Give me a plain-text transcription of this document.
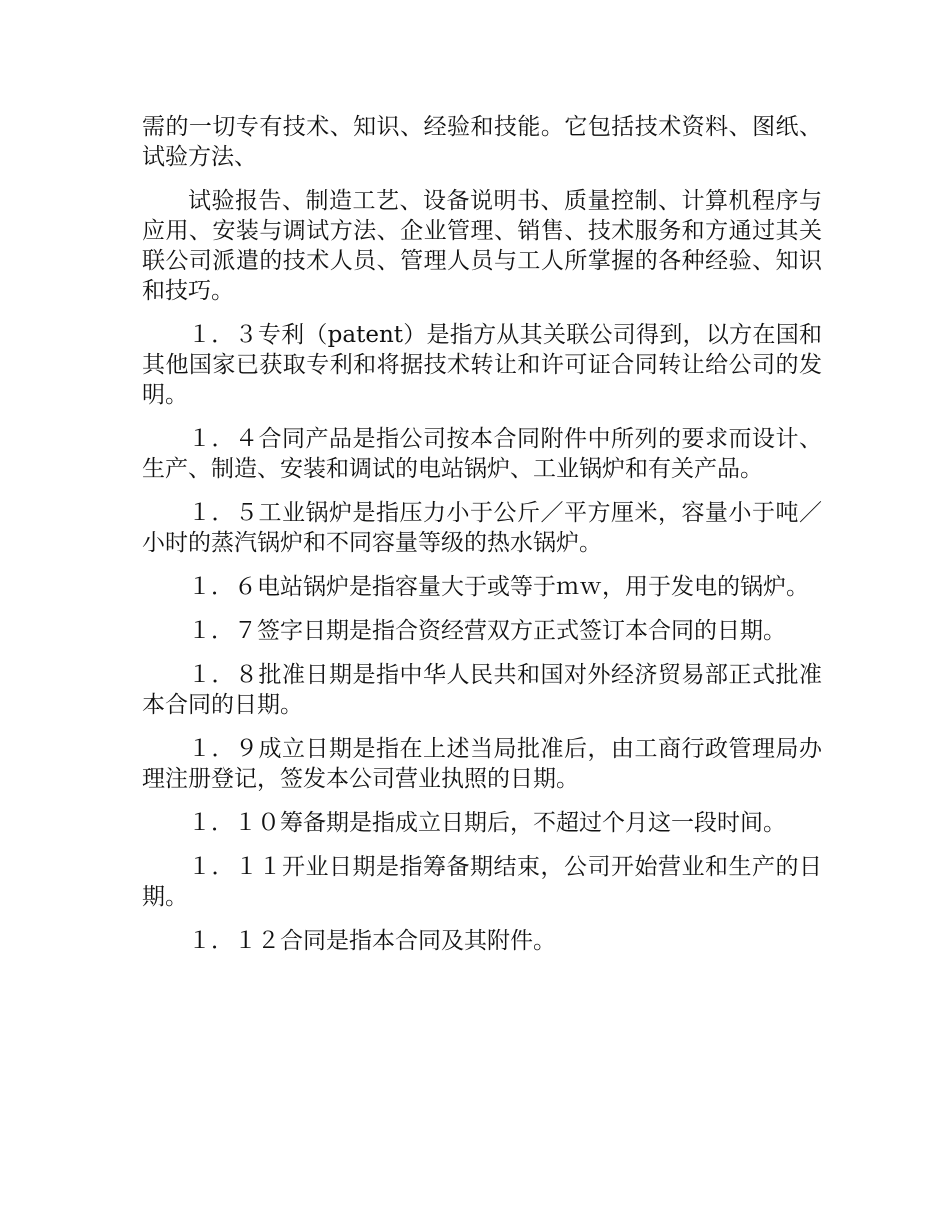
需的一切专有技术、知识、经验和技能。它包括技术资料、图纸、试验方法、

试验报告、制造工艺、设备说明书、质量控制、计算机程序与应用、安装与调试方法、企业管理、销售、技术服务和方通过其关联公司派遣的技术人员、管理人员与工人所掌握的各种经验、知识和技巧。

１．３专利（patent）是指方从其关联公司得到，以方在国和其他国家已获取专利和将据技术转让和许可证合同转让给公司的发明。

１．４合同产品是指公司按本合同附件中所列的要求而设计、生产、制造、安装和调试的电站锅炉、工业锅炉和有关产品。

１．５工业锅炉是指压力小于公斤／平方厘米，容量小于吨／小时的蒸汽锅炉和不同容量等级的热水锅炉。

１．６电站锅炉是指容量大于或等于ｍｗ，用于发电的锅炉。

１．７签字日期是指合资经营双方正式签订本合同的日期。

１．８批准日期是指中华人民共和国对外经济贸易部正式批准本合同的日期。

１．９成立日期是指在上述当局批准后，由工商行政管理局办理注册登记，签发本公司营业执照的日期。

１．１０筹备期是指成立日期后，不超过个月这一段时间。

１．１１开业日期是指筹备期结束，公司开始营业和生产的日期。

１．１２合同是指本合同及其附件。
